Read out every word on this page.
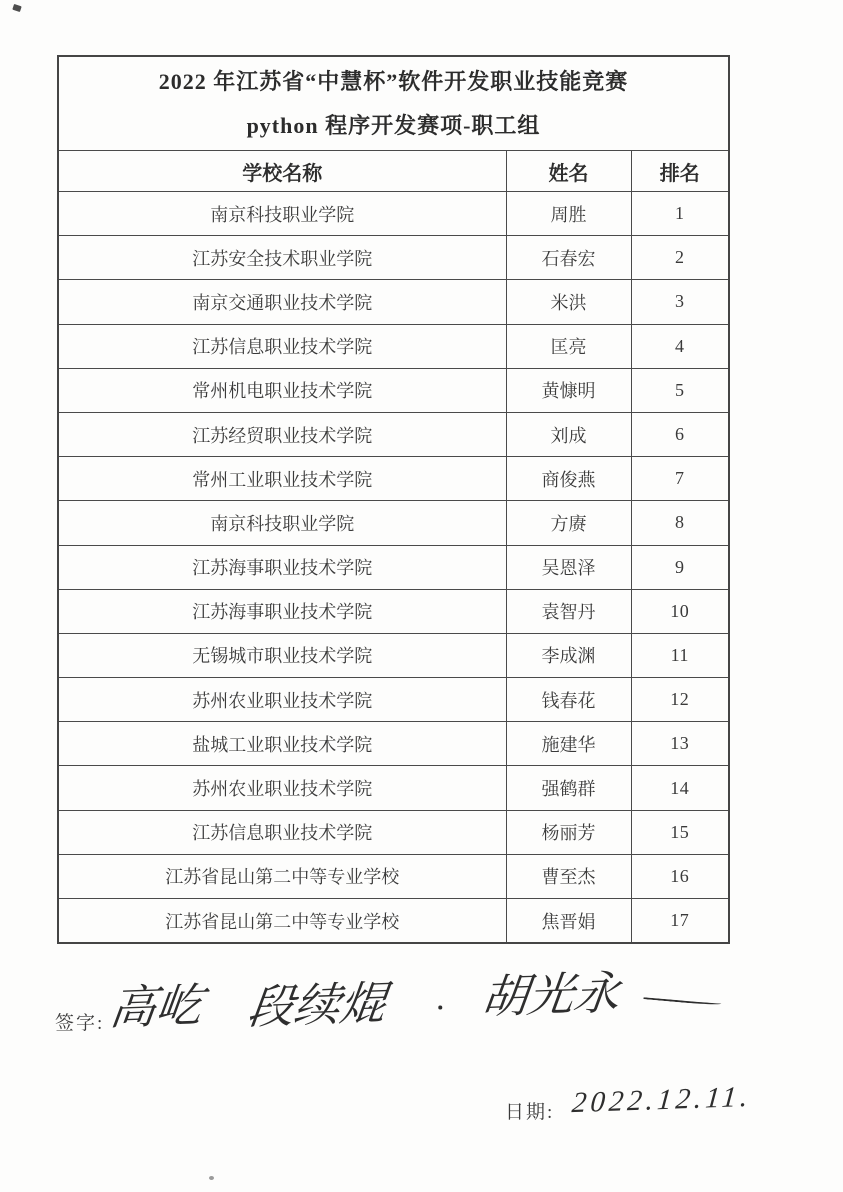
2022 年江苏省“中慧杯”软件开发职业技能竞赛
python 程序开发赛项-职工组		

学校名称	姓名	排名
南京科技职业学院	周胜	1
江苏安全技术职业学院	石春宏	2
南京交通职业技术学院	米洪	3
江苏信息职业技术学院	匡亮	4
常州机电职业技术学院	黄慷明	5
江苏经贸职业技术学院	刘成	6
常州工业职业技术学院	商俊燕	7
南京科技职业学院	方赓	8
江苏海事职业技术学院	吴恩泽	9
江苏海事职业技术学院	袁智丹	10
无锡城市职业技术学院	李成渊	11
苏州农业职业技术学院	钱春花	12
盐城工业职业技术学院	施建华	13
苏州农业职业技术学院	强鹤群	14
江苏信息职业技术学院	杨丽芳	15
江苏省昆山第二中等专业学校	曹至杰	16
江苏省昆山第二中等专业学校	焦晋娟	17
签字: 高屹 段续焜 胡光永
日期: 2022.12.11.
